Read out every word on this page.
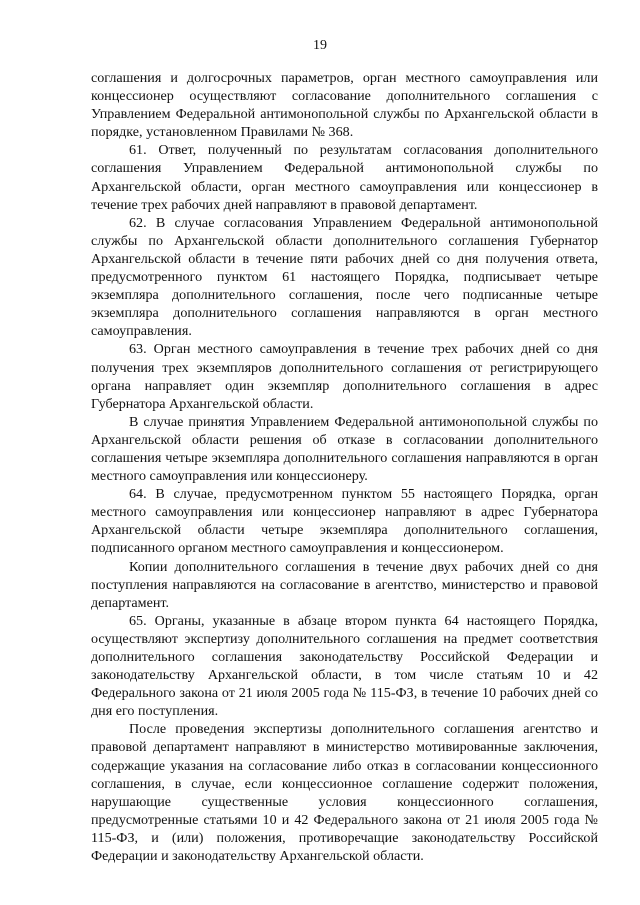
19

соглашения и долгосрочных параметров, орган местного самоуправления или концессионер осуществляют согласование дополнительного соглашения с Управлением Федеральной антимонопольной службы по Архангельской области в порядке, установленном Правилами № 368.

61. Ответ, полученный по результатам согласования дополнительного соглашения Управлением Федеральной антимонопольной службы по Архангельской области, орган местного самоуправления или концессионер в течение трех рабочих дней направляют в правовой департамент.

62. В случае согласования Управлением Федеральной антимонопольной службы по Архангельской области дополнительного соглашения Губернатор Архангельской области в течение пяти рабочих дней со дня получения ответа, предусмотренного пунктом 61 настоящего Порядка, подписывает четыре экземпляра дополнительного соглашения, после чего подписанные четыре экземпляра дополнительного соглашения направляются в орган местного самоуправления.

63. Орган местного самоуправления в течение трех рабочих дней со дня получения трех экземпляров дополнительного соглашения от регистрирующего органа направляет один экземпляр дополнительного соглашения в адрес Губернатора Архангельской области.

В случае принятия Управлением Федеральной антимонопольной службы по Архангельской области решения об отказе в согласовании дополнительного соглашения четыре экземпляра дополнительного соглашения направляются в орган местного самоуправления или концессионеру.

64. В случае, предусмотренном пунктом 55 настоящего Порядка, орган местного самоуправления или концессионер направляют в адрес Губернатора Архангельской области четыре экземпляра дополнительного соглашения, подписанного органом местного самоуправления и концессионером.

Копии дополнительного соглашения в течение двух рабочих дней со дня поступления направляются на согласование в агентство, министерство и правовой департамент.

65. Органы, указанные в абзаце втором пункта 64 настоящего Порядка, осуществляют экспертизу дополнительного соглашения на предмет соответствия дополнительного соглашения законодательству Российской Федерации и законодательству Архангельской области, в том числе статьям 10 и 42 Федерального закона от 21 июля 2005 года № 115-ФЗ, в течение 10 рабочих дней со дня его поступления.

После проведения экспертизы дополнительного соглашения агентство и правовой департамент направляют в министерство мотивированные заключения, содержащие указания на согласование либо отказ в согласовании концессионного соглашения, в случае, если концессионное соглашение содержит положения, нарушающие существенные условия концессионного соглашения, предусмотренные статьями 10 и 42 Федерального закона от 21 июля 2005 года № 115-ФЗ, и (или) положения, противоречащие законодательству Российской Федерации и законодательству Архангельской области.
